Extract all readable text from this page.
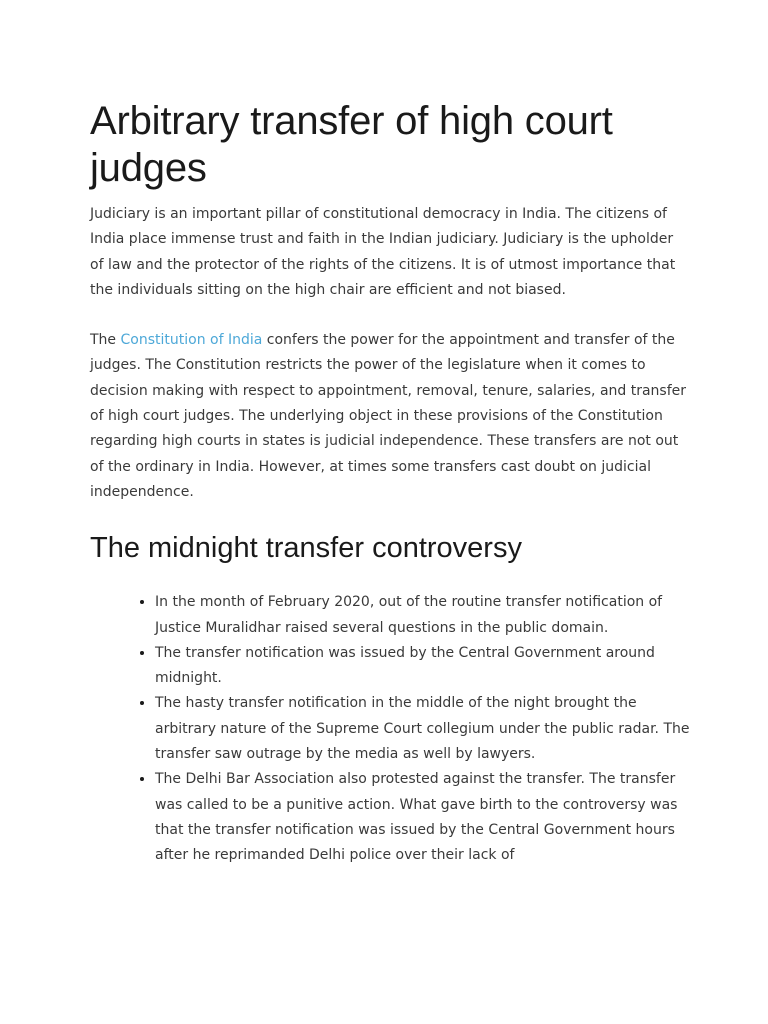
Arbitrary transfer of high court judges

Judiciary is an important pillar of constitutional democracy in India. The citizens of India place immense trust and faith in the Indian judiciary. Judiciary is the upholder of law and the protector of the rights of the citizens. It is of utmost importance that the individuals sitting on the high chair are efficient and not biased.

The Constitution of India confers the power for the appointment and transfer of the judges. The Constitution restricts the power of the legislature when it comes to decision making with respect to appointment, removal, tenure, salaries, and transfer of high court judges. The underlying object in these provisions of the Constitution regarding high courts in states is judicial independence. These transfers are not out of the ordinary in India. However, at times some transfers cast doubt on judicial independence.

The midnight transfer controversy
• In the month of February 2020, out of the routine transfer notification of Justice Muralidhar raised several questions in the public domain.
• The transfer notification was issued by the Central Government around midnight.
• The hasty transfer notification in the middle of the night brought the arbitrary nature of the Supreme Court collegium under the public radar. The transfer saw outrage by the media as well by lawyers.
• The Delhi Bar Association also protested against the transfer. The transfer was called to be a punitive action. What gave birth to the controversy was that the transfer notification was issued by the Central Government hours after he reprimanded Delhi police over their lack of
